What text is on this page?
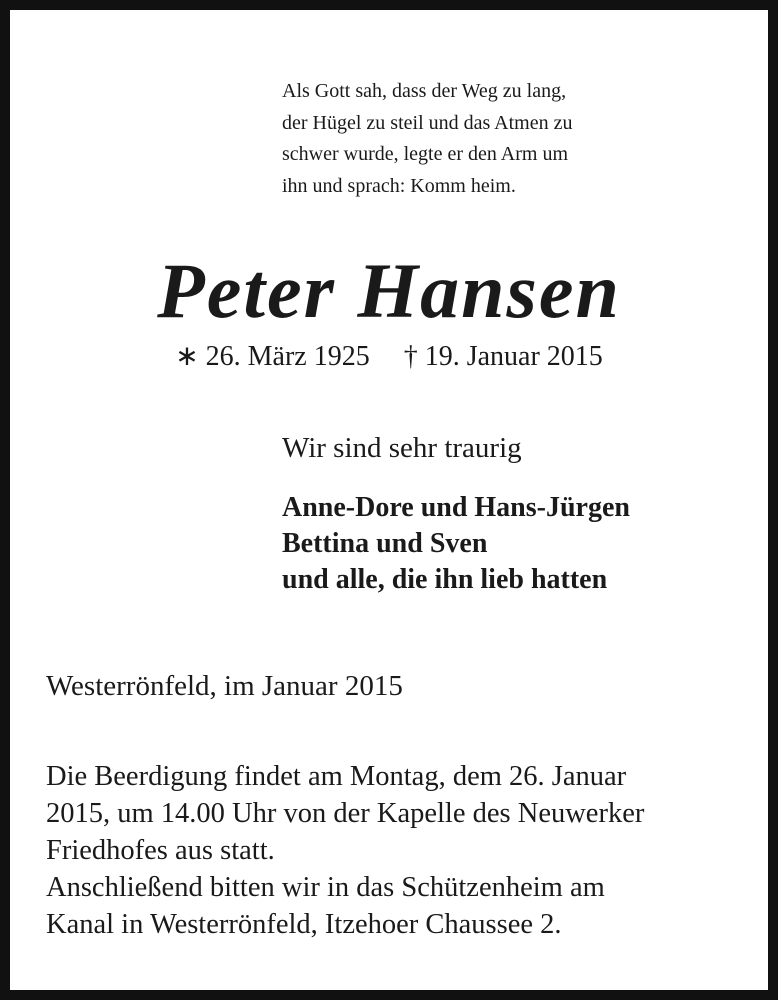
Als Gott sah, dass der Weg zu lang,
der Hügel zu steil und das Atmen zu
schwer wurde, legte er den Arm um
ihn und sprach: Komm heim.
Peter Hansen
∗ 26. März 1925 † 19. Januar 2015
Wir sind sehr traurig
Anne-Dore und Hans-Jürgen
Bettina und Sven
und alle, die ihn lieb hatten
Westerrönfeld, im Januar 2015
Die Beerdigung findet am Montag, dem 26. Januar
2015, um 14.00 Uhr von der Kapelle des Neuwerker
Friedhofes aus statt.
Anschließend bitten wir in das Schützenheim am
Kanal in Westerrönfeld, Itzehoer Chaussee 2.
